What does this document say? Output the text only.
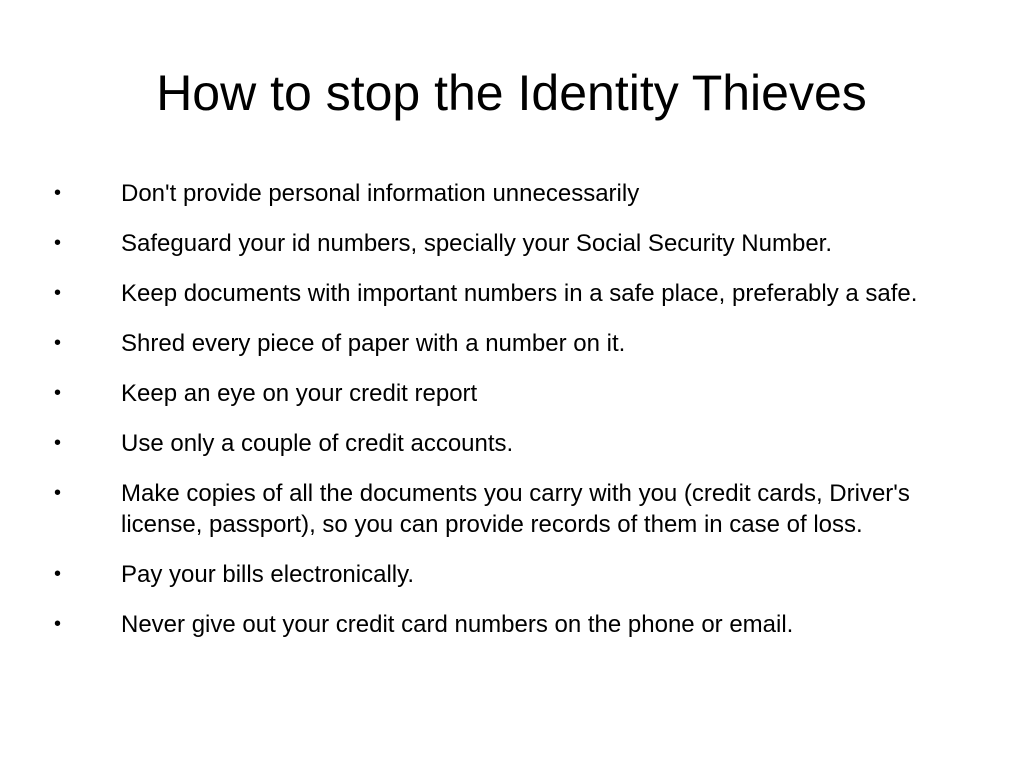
How to stop the Identity Thieves
• Don't provide personal information unnecessarily
• Safeguard your id numbers, specially your Social Security Number.
• Keep documents with important numbers in a safe place, preferably a safe.
• Shred every piece of paper with a number on it.
• Keep an eye on your credit report
• Use only a couple of credit accounts.
• Make copies of all the documents you carry with you (credit cards, Driver's license, passport), so you can provide records of them in case of loss.
• Pay your bills electronically.
• Never give out your credit card numbers on the phone or email.
